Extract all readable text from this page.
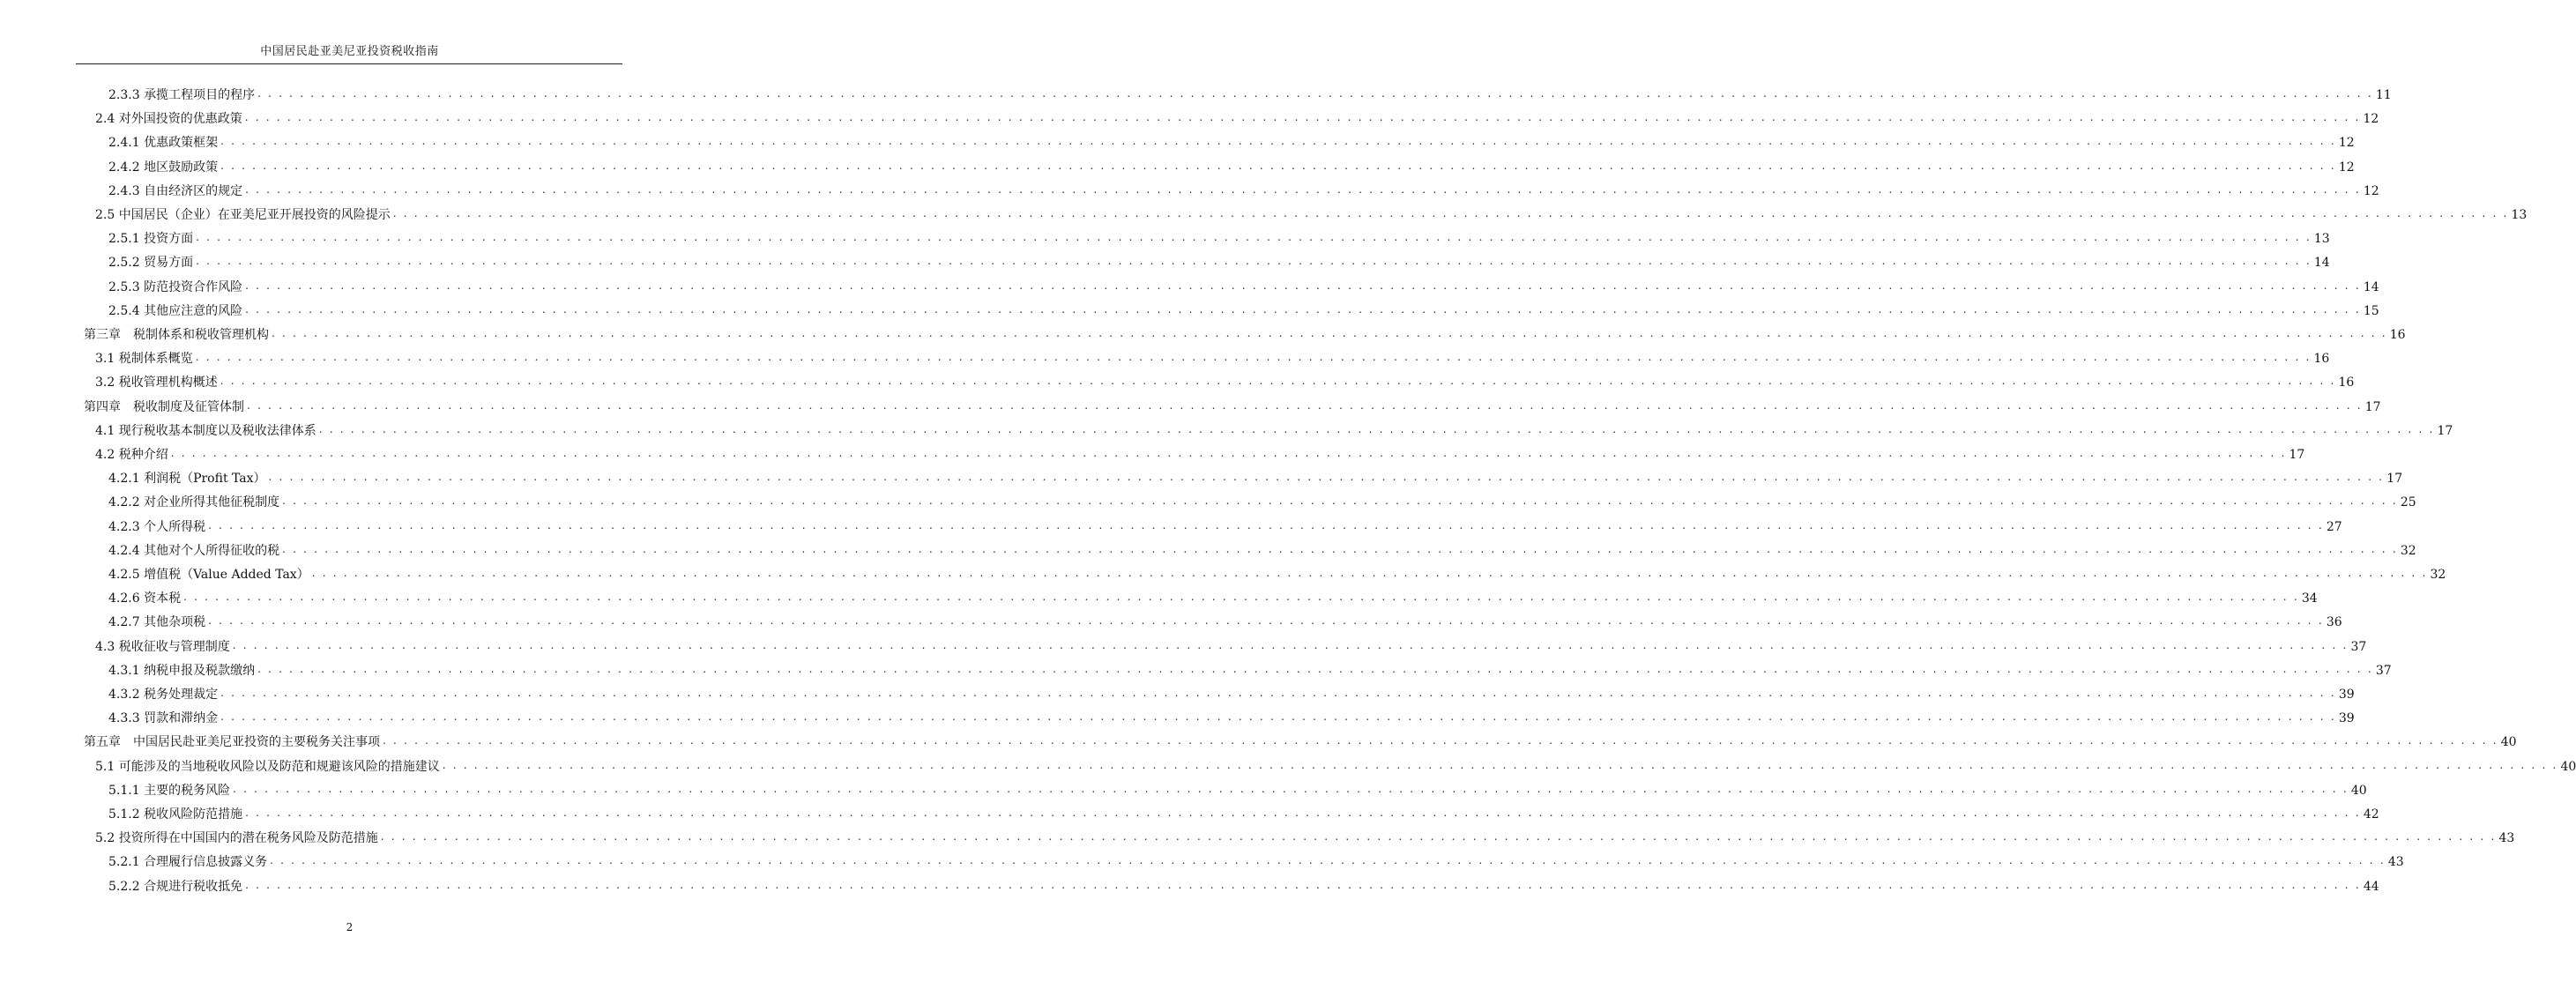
中国居民赴亚美尼亚投资税收指南
2.3.3 承揽工程项目的程序 . . . . . . . . . . . . . . . . . . . . . . . . . . . . . . . . . . . . . . . . . . . . . . . . . . . . . . . . . . . . . . . . . . . . . . . . . . . . . . . . . . . . . . . . . . . . . . . . . . . . . . . . . . . . . . . . . . . . . . . . . . . . . . . . . . . . . . . . . . . . . . . . . . . . . . . . . . . . . . . . . . . . . . . . . . . . . . . . . . . . . . . . . . . . . . . . . . . . . . . . 11
2.4 对外国投资的优惠政策 . . . . . . . . . . . . . . . . . . . . . . . . . . . . . . . . . . . . . . . . . . . . . . . . . . . . . . . . . . . . . . . . . . . . . . . . . . . . . . . . . . . . . . . . . . . . . . . . . . . . . . . . . . . . . . . . . . . . . . . . . . . . . . . . . . . . . . . . . . . . . . . . . . . . . . . . . . . . . . . . . . . . . . . . . . . . . . . . . . . . . . . . . . . . . . . . . . . . . . . . 12
2.4.1 优惠政策框架 . . . . . . . . . . . . . . . . . . . . . . . . . . . . . . . . . . . . . . . . . . . . . . . . . . . . . . . . . . . . . . . . . . . . . . . . . . . . . . . . . . . . . . . . . . . . . . . . . . . . . . . . . . . . . . . . . . . . . . . . . . . . . . . . . . . . . . . . . . . . . . . . . . . . . . . . . . . . . . . . . . . . . . . . . . . . . . . . . . . . . . . . . . . . . . . . . . . . . . . . 12
2.4.2 地区鼓励政策 . . . . . . . . . . . . . . . . . . . . . . . . . . . . . . . . . . . . . . . . . . . . . . . . . . . . . . . . . . . . . . . . . . . . . . . . . . . . . . . . . . . . . . . . . . . . . . . . . . . . . . . . . . . . . . . . . . . . . . . . . . . . . . . . . . . . . . . . . . . . . . . . . . . . . . . . . . . . . . . . . . . . . . . . . . . . . . . . . . . . . . . . . . . . . . . . . . . . . . . . 12
2.4.3 自由经济区的规定 . . . . . . . . . . . . . . . . . . . . . . . . . . . . . . . . . . . . . . . . . . . . . . . . . . . . . . . . . . . . . . . . . . . . . . . . . . . . . . . . . . . . . . . . . . . . . . . . . . . . . . . . . . . . . . . . . . . . . . . . . . . . . . . . . . . . . . . . . . . . . . . . . . . . . . . . . . . . . . . . . . . . . . . . . . . . . . . . . . . . . . . . . . . . . . . . . . . . . . . . 12
2.5 中国居民（企业）在亚美尼亚开展投资的风险提示 . . . . . . . . . . . . . . . . . . . . . . . . . . . . . . . . . . . . . . . . . . . . . . . . . . . . . . . . . . . . . . . . . . . . . . . . . . . . . . . . . . . . . . . . . . . . . . . . . . . . . . . . . . . . . . . . . . . . . . . . . . . . . . . . . . . . . . . . . . . . . . . . . . . . . . . . . . . . . . . . . . . . . . . . . . . . . . . . . . . . . . . . . . . . . . . . . . . . . . . . 13
2.5.1 投资方面 . . . . . . . . . . . . . . . . . . . . . . . . . . . . . . . . . . . . . . . . . . . . . . . . . . . . . . . . . . . . . . . . . . . . . . . . . . . . . . . . . . . . . . . . . . . . . . . . . . . . . . . . . . . . . . . . . . . . . . . . . . . . . . . . . . . . . . . . . . . . . . . . . . . . . . . . . . . . . . . . . . . . . . . . . . . . . . . . . . . . . . . . . . . . . . . . . . . . . . . . 13
2.5.2 贸易方面 . . . . . . . . . . . . . . . . . . . . . . . . . . . . . . . . . . . . . . . . . . . . . . . . . . . . . . . . . . . . . . . . . . . . . . . . . . . . . . . . . . . . . . . . . . . . . . . . . . . . . . . . . . . . . . . . . . . . . . . . . . . . . . . . . . . . . . . . . . . . . . . . . . . . . . . . . . . . . . . . . . . . . . . . . . . . . . . . . . . . . . . . . . . . . . . . . . . . . . . . 14
2.5.3 防范投资合作风险 . . . . . . . . . . . . . . . . . . . . . . . . . . . . . . . . . . . . . . . . . . . . . . . . . . . . . . . . . . . . . . . . . . . . . . . . . . . . . . . . . . . . . . . . . . . . . . . . . . . . . . . . . . . . . . . . . . . . . . . . . . . . . . . . . . . . . . . . . . . . . . . . . . . . . . . . . . . . . . . . . . . . . . . . . . . . . . . . . . . . . . . . . . . . . . . . . . . . . . . . 14
2.5.4 其他应注意的风险 . . . . . . . . . . . . . . . . . . . . . . . . . . . . . . . . . . . . . . . . . . . . . . . . . . . . . . . . . . . . . . . . . . . . . . . . . . . . . . . . . . . . . . . . . . . . . . . . . . . . . . . . . . . . . . . . . . . . . . . . . . . . . . . . . . . . . . . . . . . . . . . . . . . . . . . . . . . . . . . . . . . . . . . . . . . . . . . . . . . . . . . . . . . . . . . . . . . . . . . . 15
第三章　税制体系和税收管理机构 . . . . . . . . . . . . . . . . . . . . . . . . . . . . . . . . . . . . . . . . . . . . . . . . . . . . . . . . . . . . . . . . . . . . . . . . . . . . . . . . . . . . . . . . . . . . . . . . . . . . . . . . . . . . . . . . . . . . . . . . . . . . . . . . . . . . . . . . . . . . . . . . . . . . . . . . . . . . . . . . . . . . . . . . . . . . . . . . . . . . . . . . . . . . . . . . . . . . . . . . 16
3.1 税制体系概览 . . . . . . . . . . . . . . . . . . . . . . . . . . . . . . . . . . . . . . . . . . . . . . . . . . . . . . . . . . . . . . . . . . . . . . . . . . . . . . . . . . . . . . . . . . . . . . . . . . . . . . . . . . . . . . . . . . . . . . . . . . . . . . . . . . . . . . . . . . . . . . . . . . . . . . . . . . . . . . . . . . . . . . . . . . . . . . . . . . . . . . . . . . . . . . . . . . . . . . . . 16
3.2 税收管理机构概述 . . . . . . . . . . . . . . . . . . . . . . . . . . . . . . . . . . . . . . . . . . . . . . . . . . . . . . . . . . . . . . . . . . . . . . . . . . . . . . . . . . . . . . . . . . . . . . . . . . . . . . . . . . . . . . . . . . . . . . . . . . . . . . . . . . . . . . . . . . . . . . . . . . . . . . . . . . . . . . . . . . . . . . . . . . . . . . . . . . . . . . . . . . . . . . . . . . . . . . . . 16
第四章　税收制度及征管体制 . . . . . . . . . . . . . . . . . . . . . . . . . . . . . . . . . . . . . . . . . . . . . . . . . . . . . . . . . . . . . . . . . . . . . . . . . . . . . . . . . . . . . . . . . . . . . . . . . . . . . . . . . . . . . . . . . . . . . . . . . . . . . . . . . . . . . . . . . . . . . . . . . . . . . . . . . . . . . . . . . . . . . . . . . . . . . . . . . . . . . . . . . . . . . . . . . . . . . . . . 17
4.1 现行税收基本制度以及税收法律体系 . . . . . . . . . . . . . . . . . . . . . . . . . . . . . . . . . . . . . . . . . . . . . . . . . . . . . . . . . . . . . . . . . . . . . . . . . . . . . . . . . . . . . . . . . . . . . . . . . . . . . . . . . . . . . . . . . . . . . . . . . . . . . . . . . . . . . . . . . . . . . . . . . . . . . . . . . . . . . . . . . . . . . . . . . . . . . . . . . . . . . . . . . . . . . . . . . . . . . . . . 17
4.2 税种介绍 . . . . . . . . . . . . . . . . . . . . . . . . . . . . . . . . . . . . . . . . . . . . . . . . . . . . . . . . . . . . . . . . . . . . . . . . . . . . . . . . . . . . . . . . . . . . . . . . . . . . . . . . . . . . . . . . . . . . . . . . . . . . . . . . . . . . . . . . . . . . . . . . . . . . . . . . . . . . . . . . . . . . . . . . . . . . . . . . . . . . . . . . . . . . . . . . . . . . . . . . 17
4.2.1 利润税（Profit Tax） . . . . . . . . . . . . . . . . . . . . . . . . . . . . . . . . . . . . . . . . . . . . . . . . . . . . . . . . . . . . . . . . . . . . . . . . . . . . . . . . . . . . . . . . . . . . . . . . . . . . . . . . . . . . . . . . . . . . . . . . . . . . . . . . . . . . . . . . . . . . . . . . . . . . . . . . . . . . . . . . . . . . . . . . . . . . . . . . . . . . . . . . . . . . . . . . . . . . . . . . 17
4.2.2 对企业所得其他征税制度 . . . . . . . . . . . . . . . . . . . . . . . . . . . . . . . . . . . . . . . . . . . . . . . . . . . . . . . . . . . . . . . . . . . . . . . . . . . . . . . . . . . . . . . . . . . . . . . . . . . . . . . . . . . . . . . . . . . . . . . . . . . . . . . . . . . . . . . . . . . . . . . . . . . . . . . . . . . . . . . . . . . . . . . . . . . . . . . . . . . . . . . . . . . . . . . . . . . . . . . . 25
4.2.3 个人所得税 . . . . . . . . . . . . . . . . . . . . . . . . . . . . . . . . . . . . . . . . . . . . . . . . . . . . . . . . . . . . . . . . . . . . . . . . . . . . . . . . . . . . . . . . . . . . . . . . . . . . . . . . . . . . . . . . . . . . . . . . . . . . . . . . . . . . . . . . . . . . . . . . . . . . . . . . . . . . . . . . . . . . . . . . . . . . . . . . . . . . . . . . . . . . . . . . . . . . . . . . 27
4.2.4 其他对个人所得征收的税 . . . . . . . . . . . . . . . . . . . . . . . . . . . . . . . . . . . . . . . . . . . . . . . . . . . . . . . . . . . . . . . . . . . . . . . . . . . . . . . . . . . . . . . . . . . . . . . . . . . . . . . . . . . . . . . . . . . . . . . . . . . . . . . . . . . . . . . . . . . . . . . . . . . . . . . . . . . . . . . . . . . . . . . . . . . . . . . . . . . . . . . . . . . . . . . . . . . . . . . . 32
4.2.5 增值税（Value Added Tax） . . . . . . . . . . . . . . . . . . . . . . . . . . . . . . . . . . . . . . . . . . . . . . . . . . . . . . . . . . . . . . . . . . . . . . . . . . . . . . . . . . . . . . . . . . . . . . . . . . . . . . . . . . . . . . . . . . . . . . . . . . . . . . . . . . . . . . . . . . . . . . . . . . . . . . . . . . . . . . . . . . . . . . . . . . . . . . . . . . . . . . . . . . . . . . . . . . . . . . . . 32
4.2.6 资本税 . . . . . . . . . . . . . . . . . . . . . . . . . . . . . . . . . . . . . . . . . . . . . . . . . . . . . . . . . . . . . . . . . . . . . . . . . . . . . . . . . . . . . . . . . . . . . . . . . . . . . . . . . . . . . . . . . . . . . . . . . . . . . . . . . . . . . . . . . . . . . . . . . . . . . . . . . . . . . . . . . . . . . . . . . . . . . . . . . . . . . . . . . . . . . . . . . . . . . . . . 34
4.2.7 其他杂项税 . . . . . . . . . . . . . . . . . . . . . . . . . . . . . . . . . . . . . . . . . . . . . . . . . . . . . . . . . . . . . . . . . . . . . . . . . . . . . . . . . . . . . . . . . . . . . . . . . . . . . . . . . . . . . . . . . . . . . . . . . . . . . . . . . . . . . . . . . . . . . . . . . . . . . . . . . . . . . . . . . . . . . . . . . . . . . . . . . . . . . . . . . . . . . . . . . . . . . . . . 36
4.3 税收征收与管理制度 . . . . . . . . . . . . . . . . . . . . . . . . . . . . . . . . . . . . . . . . . . . . . . . . . . . . . . . . . . . . . . . . . . . . . . . . . . . . . . . . . . . . . . . . . . . . . . . . . . . . . . . . . . . . . . . . . . . . . . . . . . . . . . . . . . . . . . . . . . . . . . . . . . . . . . . . . . . . . . . . . . . . . . . . . . . . . . . . . . . . . . . . . . . . . . . . . . . . . . . . 37
4.3.1 纳税申报及税款缴纳 . . . . . . . . . . . . . . . . . . . . . . . . . . . . . . . . . . . . . . . . . . . . . . . . . . . . . . . . . . . . . . . . . . . . . . . . . . . . . . . . . . . . . . . . . . . . . . . . . . . . . . . . . . . . . . . . . . . . . . . . . . . . . . . . . . . . . . . . . . . . . . . . . . . . . . . . . . . . . . . . . . . . . . . . . . . . . . . . . . . . . . . . . . . . . . . . . . . . . . . . 37
4.3.2 税务处理裁定 . . . . . . . . . . . . . . . . . . . . . . . . . . . . . . . . . . . . . . . . . . . . . . . . . . . . . . . . . . . . . . . . . . . . . . . . . . . . . . . . . . . . . . . . . . . . . . . . . . . . . . . . . . . . . . . . . . . . . . . . . . . . . . . . . . . . . . . . . . . . . . . . . . . . . . . . . . . . . . . . . . . . . . . . . . . . . . . . . . . . . . . . . . . . . . . . . . . . . . . . 39
4.3.3 罚款和滞纳金 . . . . . . . . . . . . . . . . . . . . . . . . . . . . . . . . . . . . . . . . . . . . . . . . . . . . . . . . . . . . . . . . . . . . . . . . . . . . . . . . . . . . . . . . . . . . . . . . . . . . . . . . . . . . . . . . . . . . . . . . . . . . . . . . . . . . . . . . . . . . . . . . . . . . . . . . . . . . . . . . . . . . . . . . . . . . . . . . . . . . . . . . . . . . . . . . . . . . . . . . 39
第五章　中国居民赴亚美尼亚投资的主要税务关注事项 . . . . . . . . . . . . . . . . . . . . . . . . . . . . . . . . . . . . . . . . . . . . . . . . . . . . . . . . . . . . . . . . . . . . . . . . . . . . . . . . . . . . . . . . . . . . . . . . . . . . . . . . . . . . . . . . . . . . . . . . . . . . . . . . . . . . . . . . . . . . . . . . . . . . . . . . . . . . . . . . . . . . . . . . . . . . . . . . . . . . . . . . . . . . . . . . . . . . . . . . 40
5.1 可能涉及的当地税收风险以及防范和规避该风险的措施建议 . . . . . . . . . . . . . . . . . . . . . . . . . . . . . . . . . . . . . . . . . . . . . . . . . . . . . . . . . . . . . . . . . . . . . . . . . . . . . . . . . . . . . . . . . . . . . . . . . . . . . . . . . . . . . . . . . . . . . . . . . . . . . . . . . . . . . . . . . . . . . . . . . . . . . . . . . . . . . . . . . . . . . . . . . . . . . . . . . . . . . . . . . . . . . . . . . . . . . . . . 40
5.1.1 主要的税务风险 . . . . . . . . . . . . . . . . . . . . . . . . . . . . . . . . . . . . . . . . . . . . . . . . . . . . . . . . . . . . . . . . . . . . . . . . . . . . . . . . . . . . . . . . . . . . . . . . . . . . . . . . . . . . . . . . . . . . . . . . . . . . . . . . . . . . . . . . . . . . . . . . . . . . . . . . . . . . . . . . . . . . . . . . . . . . . . . . . . . . . . . . . . . . . . . . . . . . . . . . 40
5.1.2 税收风险防范措施 . . . . . . . . . . . . . . . . . . . . . . . . . . . . . . . . . . . . . . . . . . . . . . . . . . . . . . . . . . . . . . . . . . . . . . . . . . . . . . . . . . . . . . . . . . . . . . . . . . . . . . . . . . . . . . . . . . . . . . . . . . . . . . . . . . . . . . . . . . . . . . . . . . . . . . . . . . . . . . . . . . . . . . . . . . . . . . . . . . . . . . . . . . . . . . . . . . . . . . . . 42
5.2 投资所得在中国国内的潜在税务风险及防范措施 . . . . . . . . . . . . . . . . . . . . . . . . . . . . . . . . . . . . . . . . . . . . . . . . . . . . . . . . . . . . . . . . . . . . . . . . . . . . . . . . . . . . . . . . . . . . . . . . . . . . . . . . . . . . . . . . . . . . . . . . . . . . . . . . . . . . . . . . . . . . . . . . . . . . . . . . . . . . . . . . . . . . . . . . . . . . . . . . . . . . . . . . . . . . . . . . . . . . . . . . 43
5.2.1 合理履行信息披露义务 . . . . . . . . . . . . . . . . . . . . . . . . . . . . . . . . . . . . . . . . . . . . . . . . . . . . . . . . . . . . . . . . . . . . . . . . . . . . . . . . . . . . . . . . . . . . . . . . . . . . . . . . . . . . . . . . . . . . . . . . . . . . . . . . . . . . . . . . . . . . . . . . . . . . . . . . . . . . . . . . . . . . . . . . . . . . . . . . . . . . . . . . . . . . . . . . . . . . . . . . 43
5.2.2 合规进行税收抵免 . . . . . . . . . . . . . . . . . . . . . . . . . . . . . . . . . . . . . . . . . . . . . . . . . . . . . . . . . . . . . . . . . . . . . . . . . . . . . . . . . . . . . . . . . . . . . . . . . . . . . . . . . . . . . . . . . . . . . . . . . . . . . . . . . . . . . . . . . . . . . . . . . . . . . . . . . . . . . . . . . . . . . . . . . . . . . . . . . . . . . . . . . . . . . . . . . . . . . . . . 44
2
